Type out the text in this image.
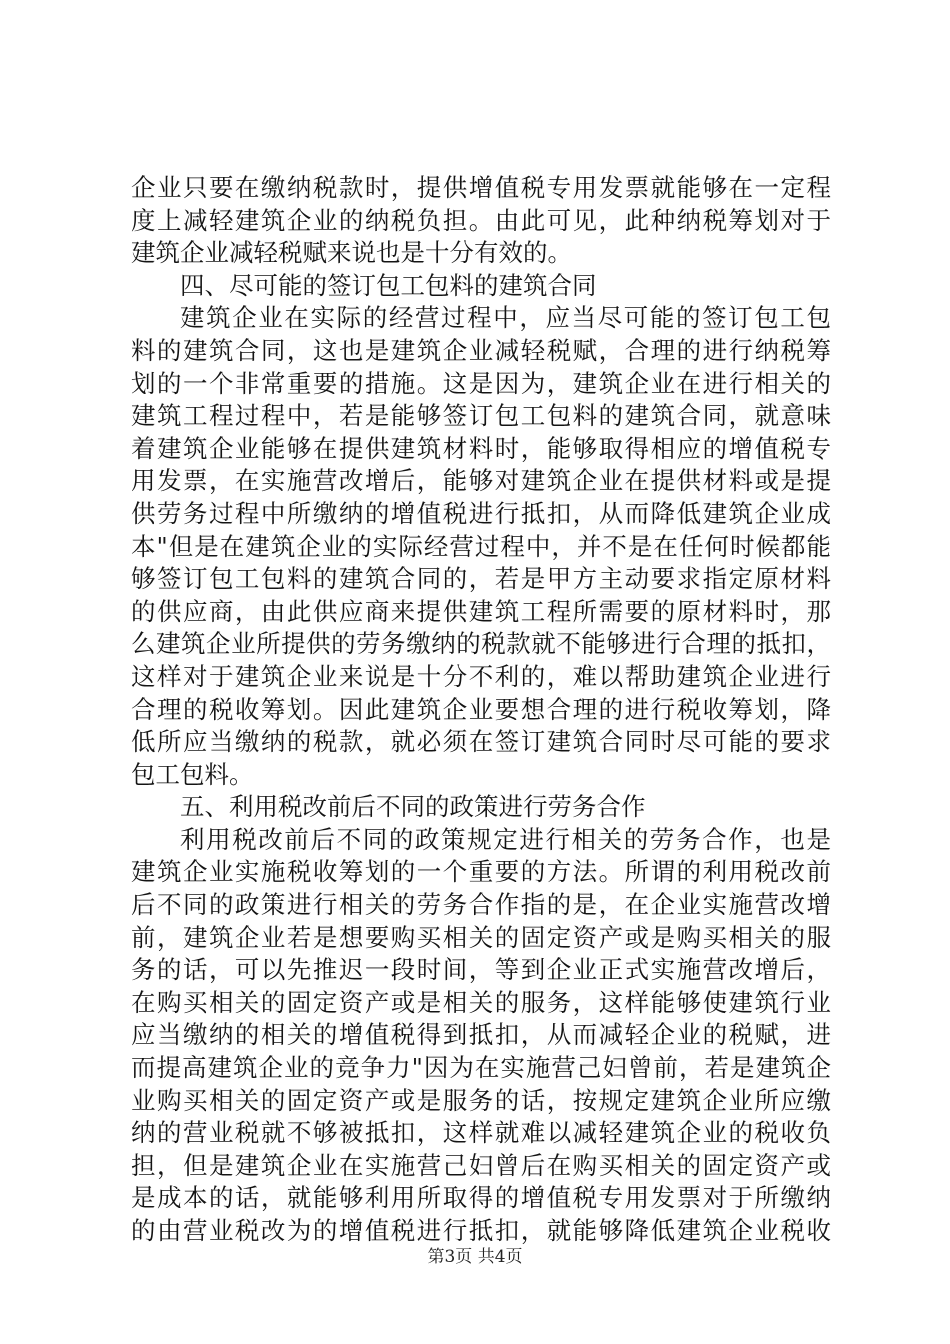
企业只要在缴纳税款时，提供增值税专用发票就能够在一定程
度上减轻建筑企业的纳税负担。由此可见，此种纳税筹划对于
建筑企业减轻税赋来说也是十分有效的。
四、尽可能的签订包工包料的建筑合同
建筑企业在实际的经营过程中，应当尽可能的签订包工包
料的建筑合同，这也是建筑企业减轻税赋，合理的进行纳税筹
划的一个非常重要的措施。这是因为，建筑企业在进行相关的
建筑工程过程中，若是能够签订包工包料的建筑合同，就意味
着建筑企业能够在提供建筑材料时，能够取得相应的增值税专
用发票，在实施营改增后，能够对建筑企业在提供材料或是提
供劳务过程中所缴纳的增值税进行抵扣，从而降低建筑企业成
本"但是在建筑企业的实际经营过程中，并不是在任何时候都能
够签订包工包料的建筑合同的，若是甲方主动要求指定原材料
的供应商，由此供应商来提供建筑工程所需要的原材料时，那
么建筑企业所提供的劳务缴纳的税款就不能够进行合理的抵扣，
这样对于建筑企业来说是十分不利的，难以帮助建筑企业进行
合理的税收筹划。因此建筑企业要想合理的进行税收筹划，降
低所应当缴纳的税款，就必须在签订建筑合同时尽可能的要求
包工包料。
五、利用税改前后不同的政策进行劳务合作
利用税改前后不同的政策规定进行相关的劳务合作，也是
建筑企业实施税收筹划的一个重要的方法。所谓的利用税改前
后不同的政策进行相关的劳务合作指的是，在企业实施营改增
前，建筑企业若是想要购买相关的固定资产或是购买相关的服
务的话，可以先推迟一段时间，等到企业正式实施营改增后，
在购买相关的固定资产或是相关的服务，这样能够使建筑行业
应当缴纳的相关的增值税得到抵扣，从而减轻企业的税赋，进
而提高建筑企业的竞争力"因为在实施营己妇曾前，若是建筑企
业购买相关的固定资产或是服务的话，按规定建筑企业所应缴
纳的营业税就不够被抵扣，这样就难以减轻建筑企业的税收负
担，但是建筑企业在实施营己妇曾后在购买相关的固定资产或
是成本的话，就能够利用所取得的增值税专用发票对于所缴纳
的由营业税改为的增值税进行抵扣，就能够降低建筑企业税收
第3页 共4页
